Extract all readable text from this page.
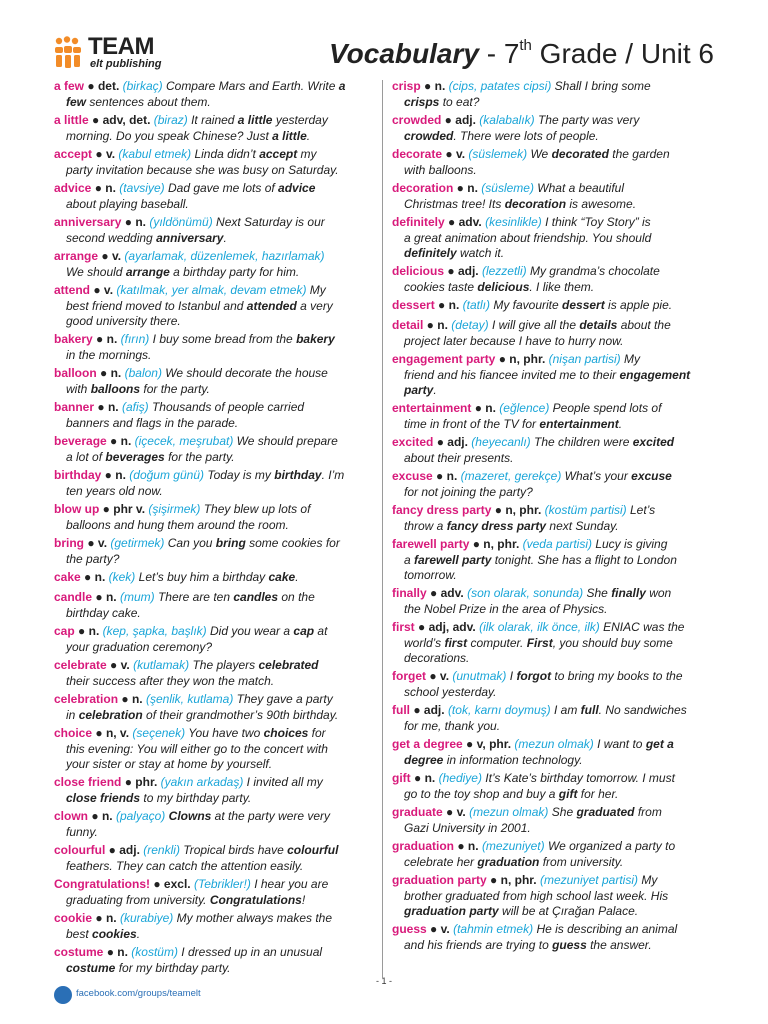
TEAM
elt publishing	Vocabulary - 7th Grade / Unit 6
a few ● det. (birkaç) Compare Mars and Earth. Write a
few sentences about them.
a little ● adv, det. (biraz) It rained a little yesterday
morning. Do you speak Chinese? Just a little.
accept ● v. (kabul etmek) Linda didn’t accept my
party invitation because she was busy on Saturday.
advice ● n. (tavsiye) Dad gave me lots of advice
about playing baseball.
anniversary ● n. (yıldönümü) Next Saturday is our
second wedding anniversary.
arrange ● v. (ayarlamak, düzenlemek, hazırlamak)
We should arrange a birthday party for him.
attend ● v. (katılmak, yer almak, devam etmek) My
best friend moved to Istanbul and attended a very
good university there.
bakery ● n. (fırın) I buy some bread from the bakery
in the mornings.
balloon ● n. (balon) We should decorate the house
with balloons for the party.
banner ● n. (afiş) Thousands of people carried
banners and flags in the parade.
beverage ● n. (içecek, meşrubat) We should prepare
a lot of beverages for the party.
birthday ● n. (doğum günü) Today is my birthday. I’m
ten years old now.
blow up ● phr v. (şişirmek) They blew up lots of
balloons and hung them around the room.
bring ● v. (getirmek) Can you bring some cookies for
the party?
cake ● n. (kek) Let’s buy him a birthday cake.
candle ● n. (mum) There are ten candles on the
birthday cake.
cap ● n. (kep, şapka, başlık) Did you wear a cap at
your graduation ceremony?
celebrate ● v. (kutlamak) The players celebrated
their success after they won the match.
celebration ● n. (şenlik, kutlama) They gave a party
in celebration of their grandmother’s 90th birthday.
choice ● n, v. (seçenek) You have two choices for
this evening: You will either go to the concert with
your sister or stay at home by yourself.
close friend ● phr. (yakın arkadaş) I invited all my
close friends to my birthday party.
clown ● n. (palyaço) Clowns at the party were very
funny.
colourful ● adj. (renkli) Tropical birds have colourful
feathers. They can catch the attention easily.
Congratulations! ● excl. (Tebrikler!) I hear you are
graduating from university. Congratulations!
cookie ● n. (kurabiye) My mother always makes the
best cookies.
costume ● n. (kostüm) I dressed up in an unusual
costume for my birthday party.
crisp ● n. (cips, patates cipsi) Shall I bring some
crisps to eat?
crowded ● adj. (kalabalık) The party was very
crowded. There were lots of people.
decorate ● v. (süslemek) We decorated the garden
with balloons.
decoration ● n. (süsleme) What a beautiful
Christmas tree! Its decoration is awesome.
definitely ● adv. (kesinlikle) I think “Toy Story” is
a great animation about friendship. You should
definitely watch it.
delicious ● adj. (lezzetli) My grandma’s chocolate
cookies taste delicious. I like them.
dessert ● n. (tatlı) My favourite dessert is apple pie.
detail ● n. (detay) I will give all the details about the
project later because I have to hurry now.
engagement party ● n, phr. (nişan partisi) My
friend and his fiancee invited me to their engagement
party.
entertainment ● n. (eğlence) People spend lots of
time in front of the TV for entertainment.
excited ● adj. (heyecanlı) The children were excited
about their presents.
excuse ● n. (mazeret, gerekçe) What’s your excuse
for not joining the party?
fancy dress party ● n, phr. (kostüm partisi) Let’s
throw a fancy dress party next Sunday.
farewell party ● n, phr. (veda partisi) Lucy is giving
a farewell party tonight. She has a flight to London
tomorrow.
finally ● adv. (son olarak, sonunda) She finally won
the Nobel Prize in the area of Physics.
first ● adj, adv. (ilk olarak, ilk önce, ilk) ENIAC was the
world’s first computer. First, you should buy some
decorations.
forget ● v. (unutmak) I forgot to bring my books to the
school yesterday.
full ● adj. (tok, karnı doymuş) I am full. No sandwiches
for me, thank you.
get a degree ● v, phr. (mezun olmak) I want to get a
degree in information technology.
gift ● n. (hediye) It’s Kate’s birthday tomorrow. I must
go to the toy shop and buy a gift for her.
graduate ● v. (mezun olmak) She graduated from
Gazi University in 2001.
graduation ● n. (mezuniyet) We organized a party to
celebrate her graduation from university.
graduation party ● n, phr. (mezuniyet partisi) My
brother graduated from high school last week. His
graduation party will be at Çırağan Palace.
guess ● v. (tahmin etmek) He is describing an animal
and his friends are trying to guess the answer.
- 1 -
facebook.com/groups/teamelt
